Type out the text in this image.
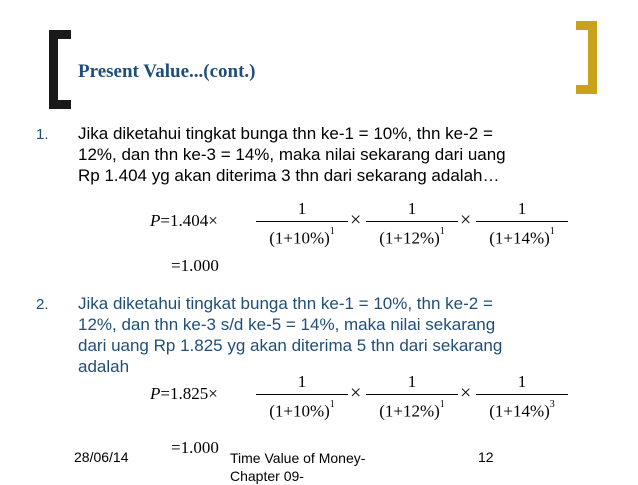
Present Value...(cont.)
1. Jika diketahui tingkat bunga thn ke-1 = 10%, thn ke-2 =
12%, dan thn ke-3 = 14%, maka nilai sekarang dari uang
Rp 1.404 yg akan diterima 3 thn dari sekarang adalah…
P=1.404×
1
$(1+10\%)^1$
×
1
$(1+12\%)^1$
×
1
$(1+14\%)^1$
=1.000
2. Jika diketahui tingkat bunga thn ke-1 = 10%, thn ke-2 =
12%, dan thn ke-3 s/d ke-5 = 14%, maka nilai sekarang
dari uang Rp 1.825 yg akan diterima 5 thn dari sekarang
adalah
P=1.825×
1
$(1+10\%)^1$
×
1
$(1+12\%)^1$
×
1
$(1+14\%)^3$
=1.000
28/06/14	Time Value of Money-
Chapter 09-
12
